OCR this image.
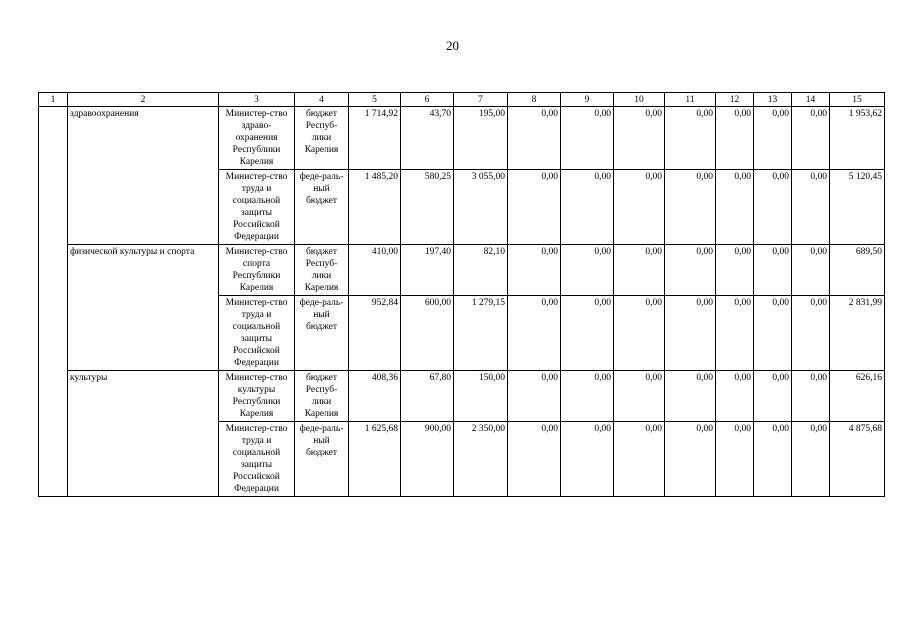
20
1	2	3	4	5	6	7	8	9	10	11	12	13	14	15
	здравоохранения	Министер-ство здраво-охранения Республики Карелия	бюджет Респуб-лики Карелия	1 714,92	43,70	195,00	0,00	0,00	0,00	0,00	0,00	0,00	0,00	1 953,62
		Министер-ство труда и социальной защиты Российской Федерации	феде-раль-ный бюджет	1 485,20	580,25	3 055,00	0,00	0,00	0,00	0,00	0,00	0,00	0,00	5 120,45
	физической культуры и спорта	Министер-ство спорта Республики Карелия	бюджет Респуб-лики Карелия	410,00	197,40	82,10	0,00	0,00	0,00	0,00	0,00	0,00	0,00	689,50
		Министер-ство труда и социальной защиты Российской Федерации	феде-раль-ный бюджет	952,84	600,00	1 279,15	0,00	0,00	0,00	0,00	0,00	0,00	0,00	2 831,99
	культуры	Министер-ство культуры Республики Карелия	бюджет Респуб-лики Карелия	408,36	67,80	150,00	0,00	0,00	0,00	0,00	0,00	0,00	0,00	626,16
		Министер-ство труда и социальной защиты Российской Федерации	феде-раль-ный бюджет	1 625,68	900,00	2 350,00	0,00	0,00	0,00	0,00	0,00	0,00	0,00	4 875,68
